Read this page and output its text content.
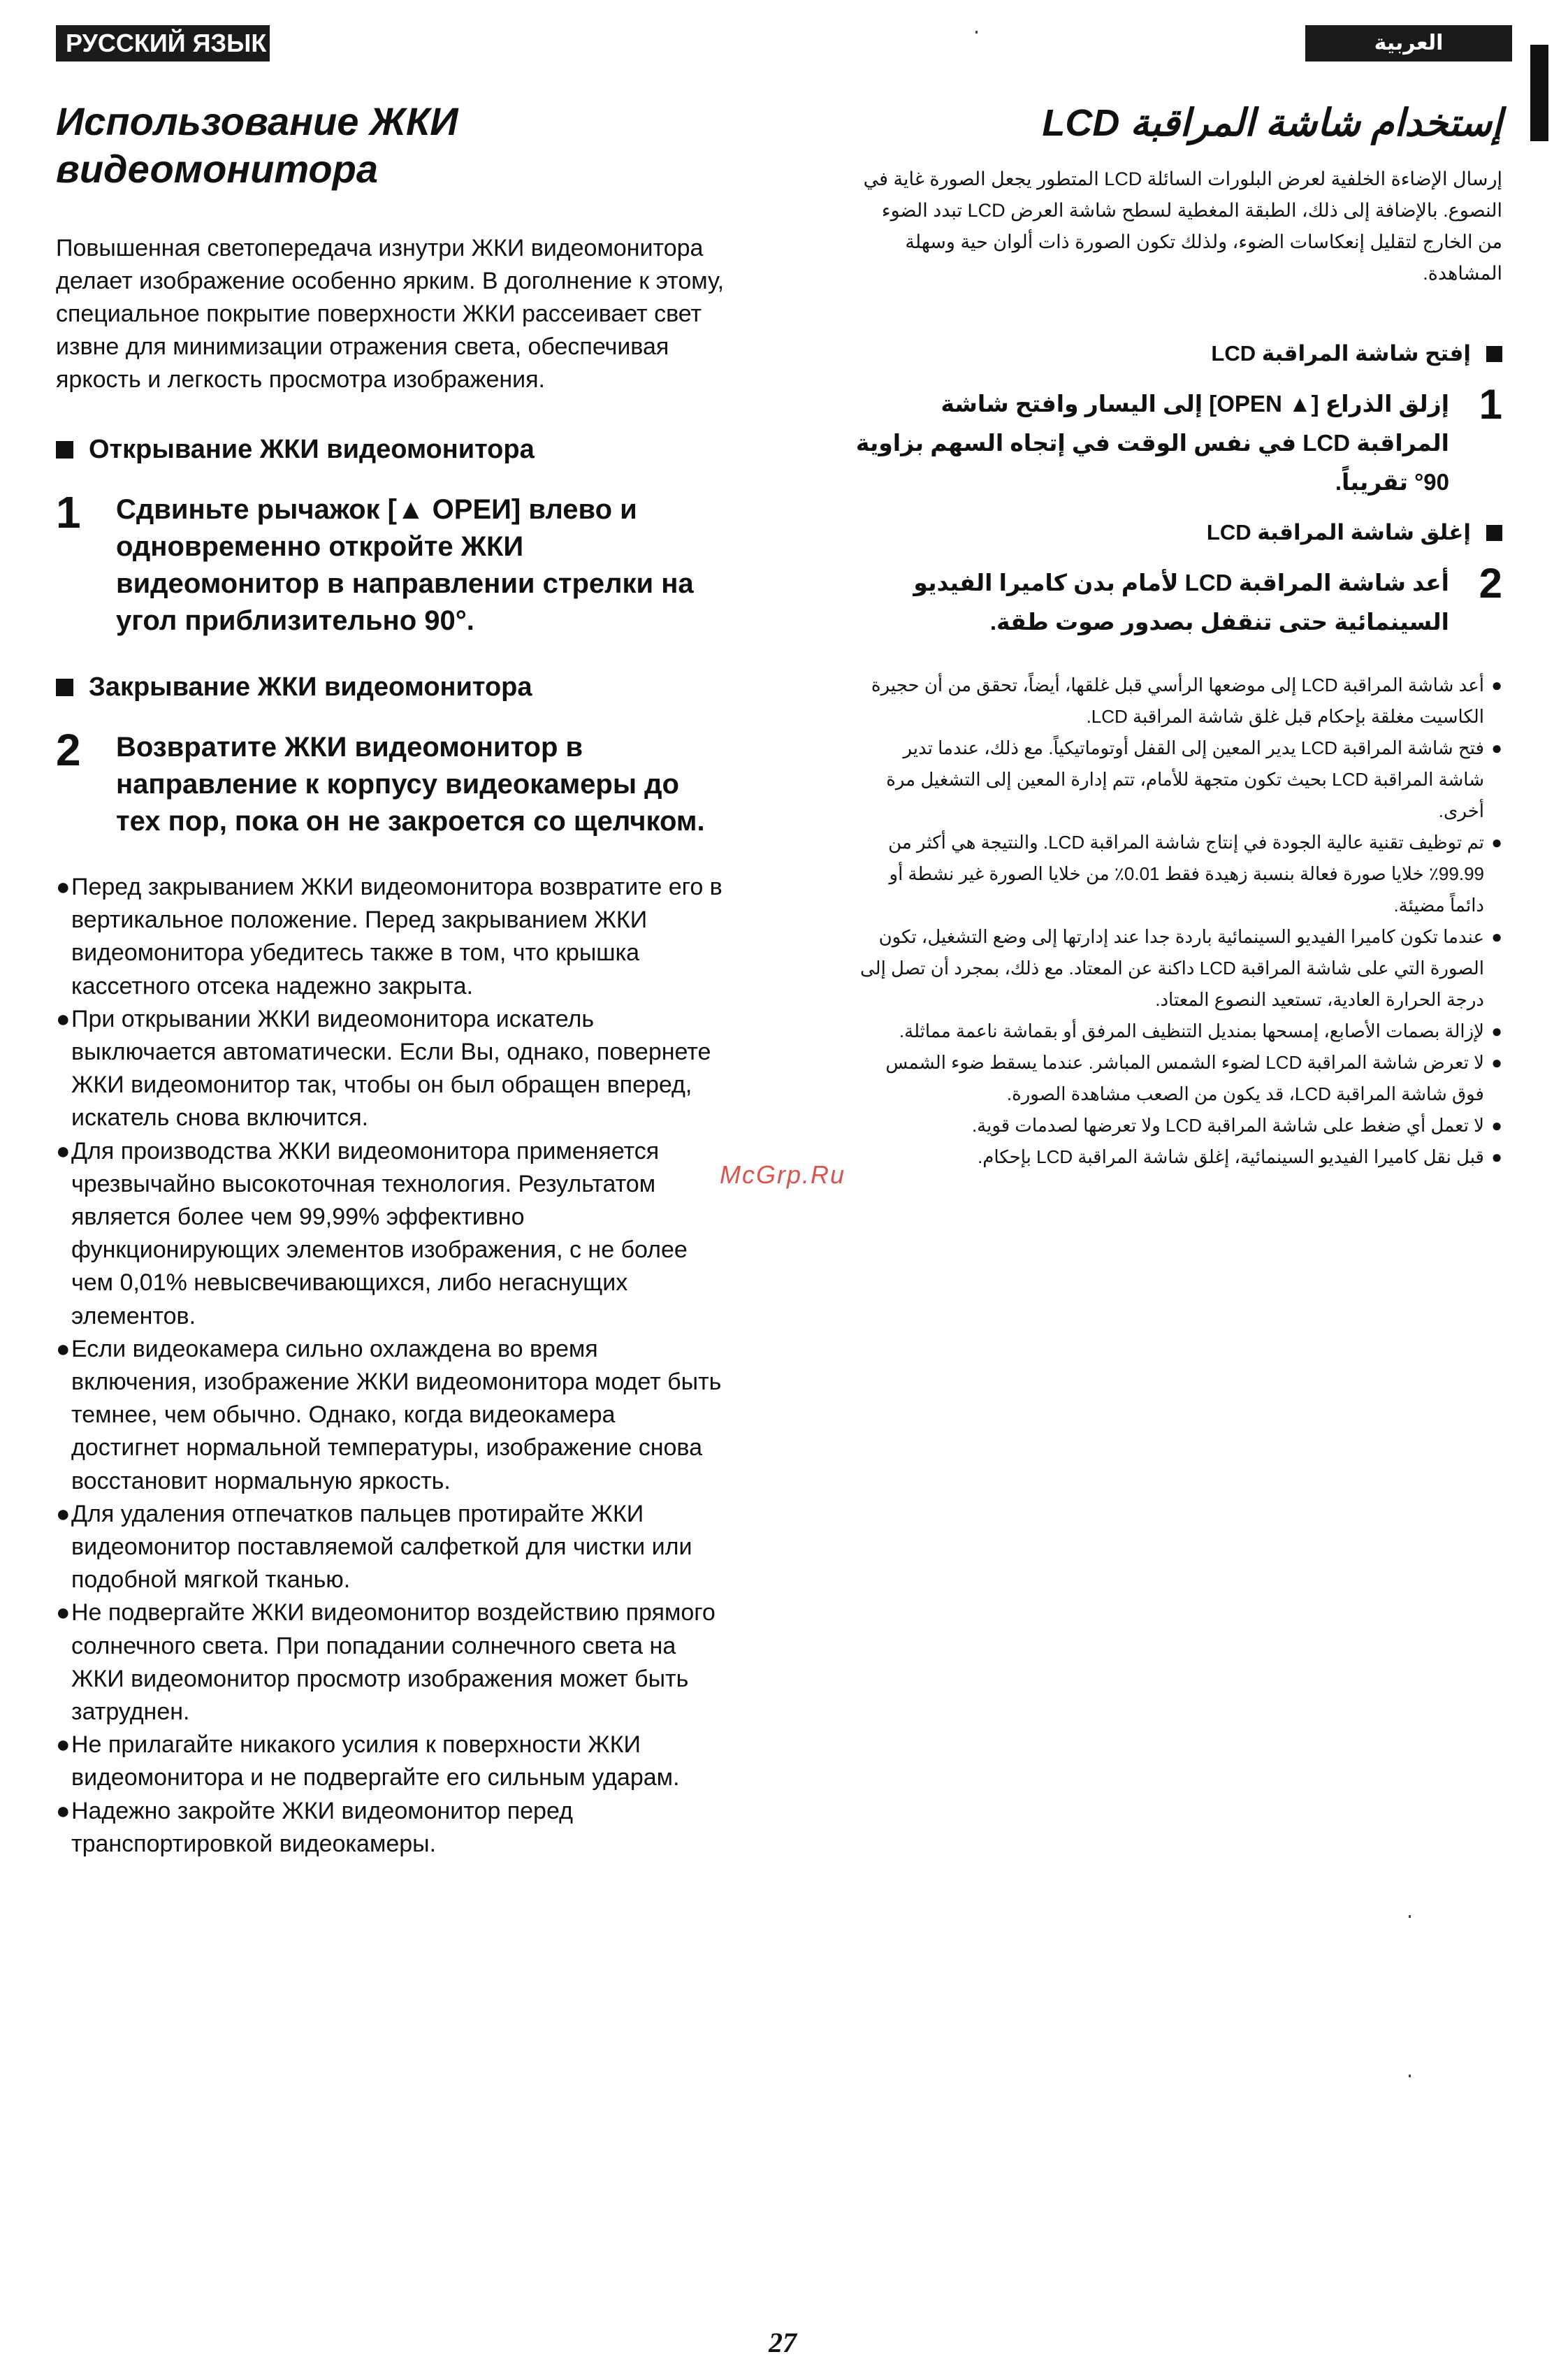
РУССКИЙ ЯЗЫК	العربية
Использование ЖКИ
видеомонитора

Повышенная светопередача изнутри ЖКИ видеомонитора делает изображение особенно ярким. В доголнение к этому, специальное покрытие поверхности ЖКИ рассеивает свет извне для минимизации отражения света, обеспечивая яркость и легкость просмотра изображения.

Открывание ЖКИ видеомонитора
1	Сдвиньте рычажок [▲ ОРЕИ] влево и одновременно откройте ЖКИ видеомонитор в направлении стрелки на угол приблизительно 90°.
Закрывание ЖКИ видеомонитора
2	Возвратите ЖКИ видеомонитор в направление к корпусу видеокамеры до тех пор, пока он не закроется со щелчком.
● Перед закрыванием ЖКИ видеомонитора возвратите его в вертикальное положение. Перед закрыванием ЖКИ видеомонитора убедитесь также в том, что крышка кассетного отсека надежно закрыта.
● При открывании ЖКИ видеомонитора искатель выключается автоматически. Если Вы, однако, повернете ЖКИ видеомонитор так, чтобы он был обращен вперед, искатель снова включится.
● Для производства ЖКИ видеомонитора применяется чрезвычайно высокоточная технология. Результатом является более чем 99,99% эффективно функционирующих элементов изображения, с не более чем 0,01% невысвечивающихся, либо негаснущих элементов.
● Если видеокамера сильно охлаждена во время включения, изображение ЖКИ видеомонитора модет быть темнее, чем обычно. Однако, когда видеокамера достигнет нормальной температуры, изображение снова восстановит нормальную яркость.
● Для удаления отпечатков пальцев протирайте ЖКИ видеомонитор поставляемой салфеткой для чистки или подобной мягкой тканью.
● Не подвергайте ЖКИ видеомонитор воздействию прямого солнечного света. При попадании солнечного света на ЖКИ видеомонитор просмотр изображения может быть затруднен.
● Не прилагайте никакого усилия к поверхности ЖКИ видеомонитора и не подвергайте его сильным ударам.
● Надежно закройте ЖКИ видеомонитор перед транспортировкой видеокамеры.
McGrp.Ru
إستخدام شاشة المراقبة LCD

إرسال الإضاءة الخلفية لعرض البلورات السائلة LCD المتطور يجعل الصورة غاية في النصوع. بالإضافة إلى ذلك، الطبقة المغطية لسطح شاشة العرض LCD تبدد الضوء من الخارج لتقليل إنعكاسات الضوء، ولذلك تكون الصورة ذات ألوان حية وسهلة المشاهدة.

إفتح شاشة المراقبة LCD
1
إزلق الذراع [▲ OPEN] إلى اليسار وافتح شاشة المراقبة LCD في نفس الوقت في إتجاه السهم بزاوية 90° تقريباً.
إغلق شاشة المراقبة LCD
2
أعد شاشة المراقبة LCD لأمام بدن كاميرا الفيديو السينمائية حتى تنقفل بصدور صوت طقة.
●
أعد شاشة المراقبة LCD إلى موضعها الرأسي قبل غلقها، أيضاً، تحقق من أن حجيرة الكاسيت مغلقة بإحكام قبل غلق شاشة المراقبة LCD.
●
فتح شاشة المراقبة LCD يدير المعين إلى القفل أوتوماتيكياً. مع ذلك، عندما تدير شاشة المراقبة LCD بحيث تكون متجهة للأمام، تتم إدارة المعين إلى التشغيل مرة أخرى.
●
تم توظيف تقنية عالية الجودة في إنتاج شاشة المراقبة LCD. والنتيجة هي أكثر من 99.99٪ خلايا صورة فعالة بنسبة زهيدة فقط 0.01٪ من خلايا الصورة غير نشطة أو دائماً مضيئة.
●
عندما تكون كاميرا الفيديو السينمائية باردة جدا عند إدارتها إلى وضع التشغيل، تكون الصورة التي على شاشة المراقبة LCD داكنة عن المعتاد. مع ذلك، بمجرد أن تصل إلى درجة الحرارة العادية، تستعيد النصوع المعتاد.
●
لإزالة بصمات الأصابع، إمسحها بمنديل التنظيف المرفق أو بقماشة ناعمة مماثلة.
●
لا تعرض شاشة المراقبة LCD لضوء الشمس المباشر. عندما يسقط ضوء الشمس فوق شاشة المراقبة LCD، قد يكون من الصعب مشاهدة الصورة.
●
لا تعمل أي ضغط على شاشة المراقبة LCD ولا تعرضها لصدمات قوية.
●
قبل نقل كاميرا الفيديو السينمائية، إغلق شاشة المراقبة LCD بإحكام.
27
